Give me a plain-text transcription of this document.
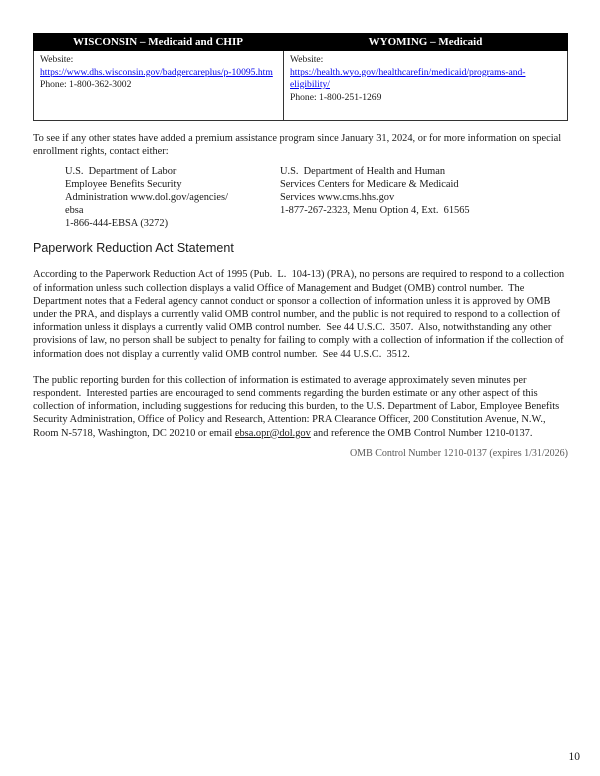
WISCONSIN – Medicaid and CHIP	WYOMING – Medicaid
Website:
https://www.dhs.wisconsin.gov/badgercareplus/p-10095.htm
Phone: 1-800-362-3002
Website:
https://health.wyo.gov/healthcarefin/medicaid/programs-and-eligibility/
Phone: 1-800-251-1269

To see if any other states have added a premium assistance program since January 31, 2024, or for more information on special enrollment rights, contact either:

U.S.  Department of Labor
Employee Benefits Security
Administration www.dol.gov/agencies/
ebsa
1-866-444-EBSA (3272)
U.S.  Department of Health and Human
Services Centers for Medicare & Medicaid
Services www.cms.hhs.gov
1-877-267-2323, Menu Option 4, Ext.  61565
Paperwork Reduction Act Statement

According to the Paperwork Reduction Act of 1995 (Pub.  L.  104-13) (PRA), no persons are required to respond to a collection of information unless such collection displays a valid Office of Management and Budget (OMB) control number.  The Department notes that a Federal agency cannot conduct or sponsor a collection of information unless it is approved by OMB under the PRA, and displays a currently valid OMB control number, and the public is not required to respond to a collection of information unless it displays a currently valid OMB control number.  See 44 U.S.C.  3507.  Also, notwithstanding any other provisions of law, no person shall be subject to penalty for failing to comply with a collection of information if the collection of information does not display a currently valid OMB control number.  See 44 U.S.C.  3512.

The public reporting burden for this collection of information is estimated to average approximately seven minutes per respondent.  Interested parties are encouraged to send comments regarding the burden estimate or any other aspect of this collection of information, including suggestions for reducing this burden, to the U.S. Department of Labor, Employee Benefits Security Administration, Office of Policy and Research, Attention: PRA Clearance Officer, 200 Constitution Avenue, N.W., Room N-5718, Washington, DC 20210 or email ebsa.opr@dol.gov and reference the OMB Control Number 1210-0137.

OMB Control Number 1210-0137 (expires 1/31/2026)
10
